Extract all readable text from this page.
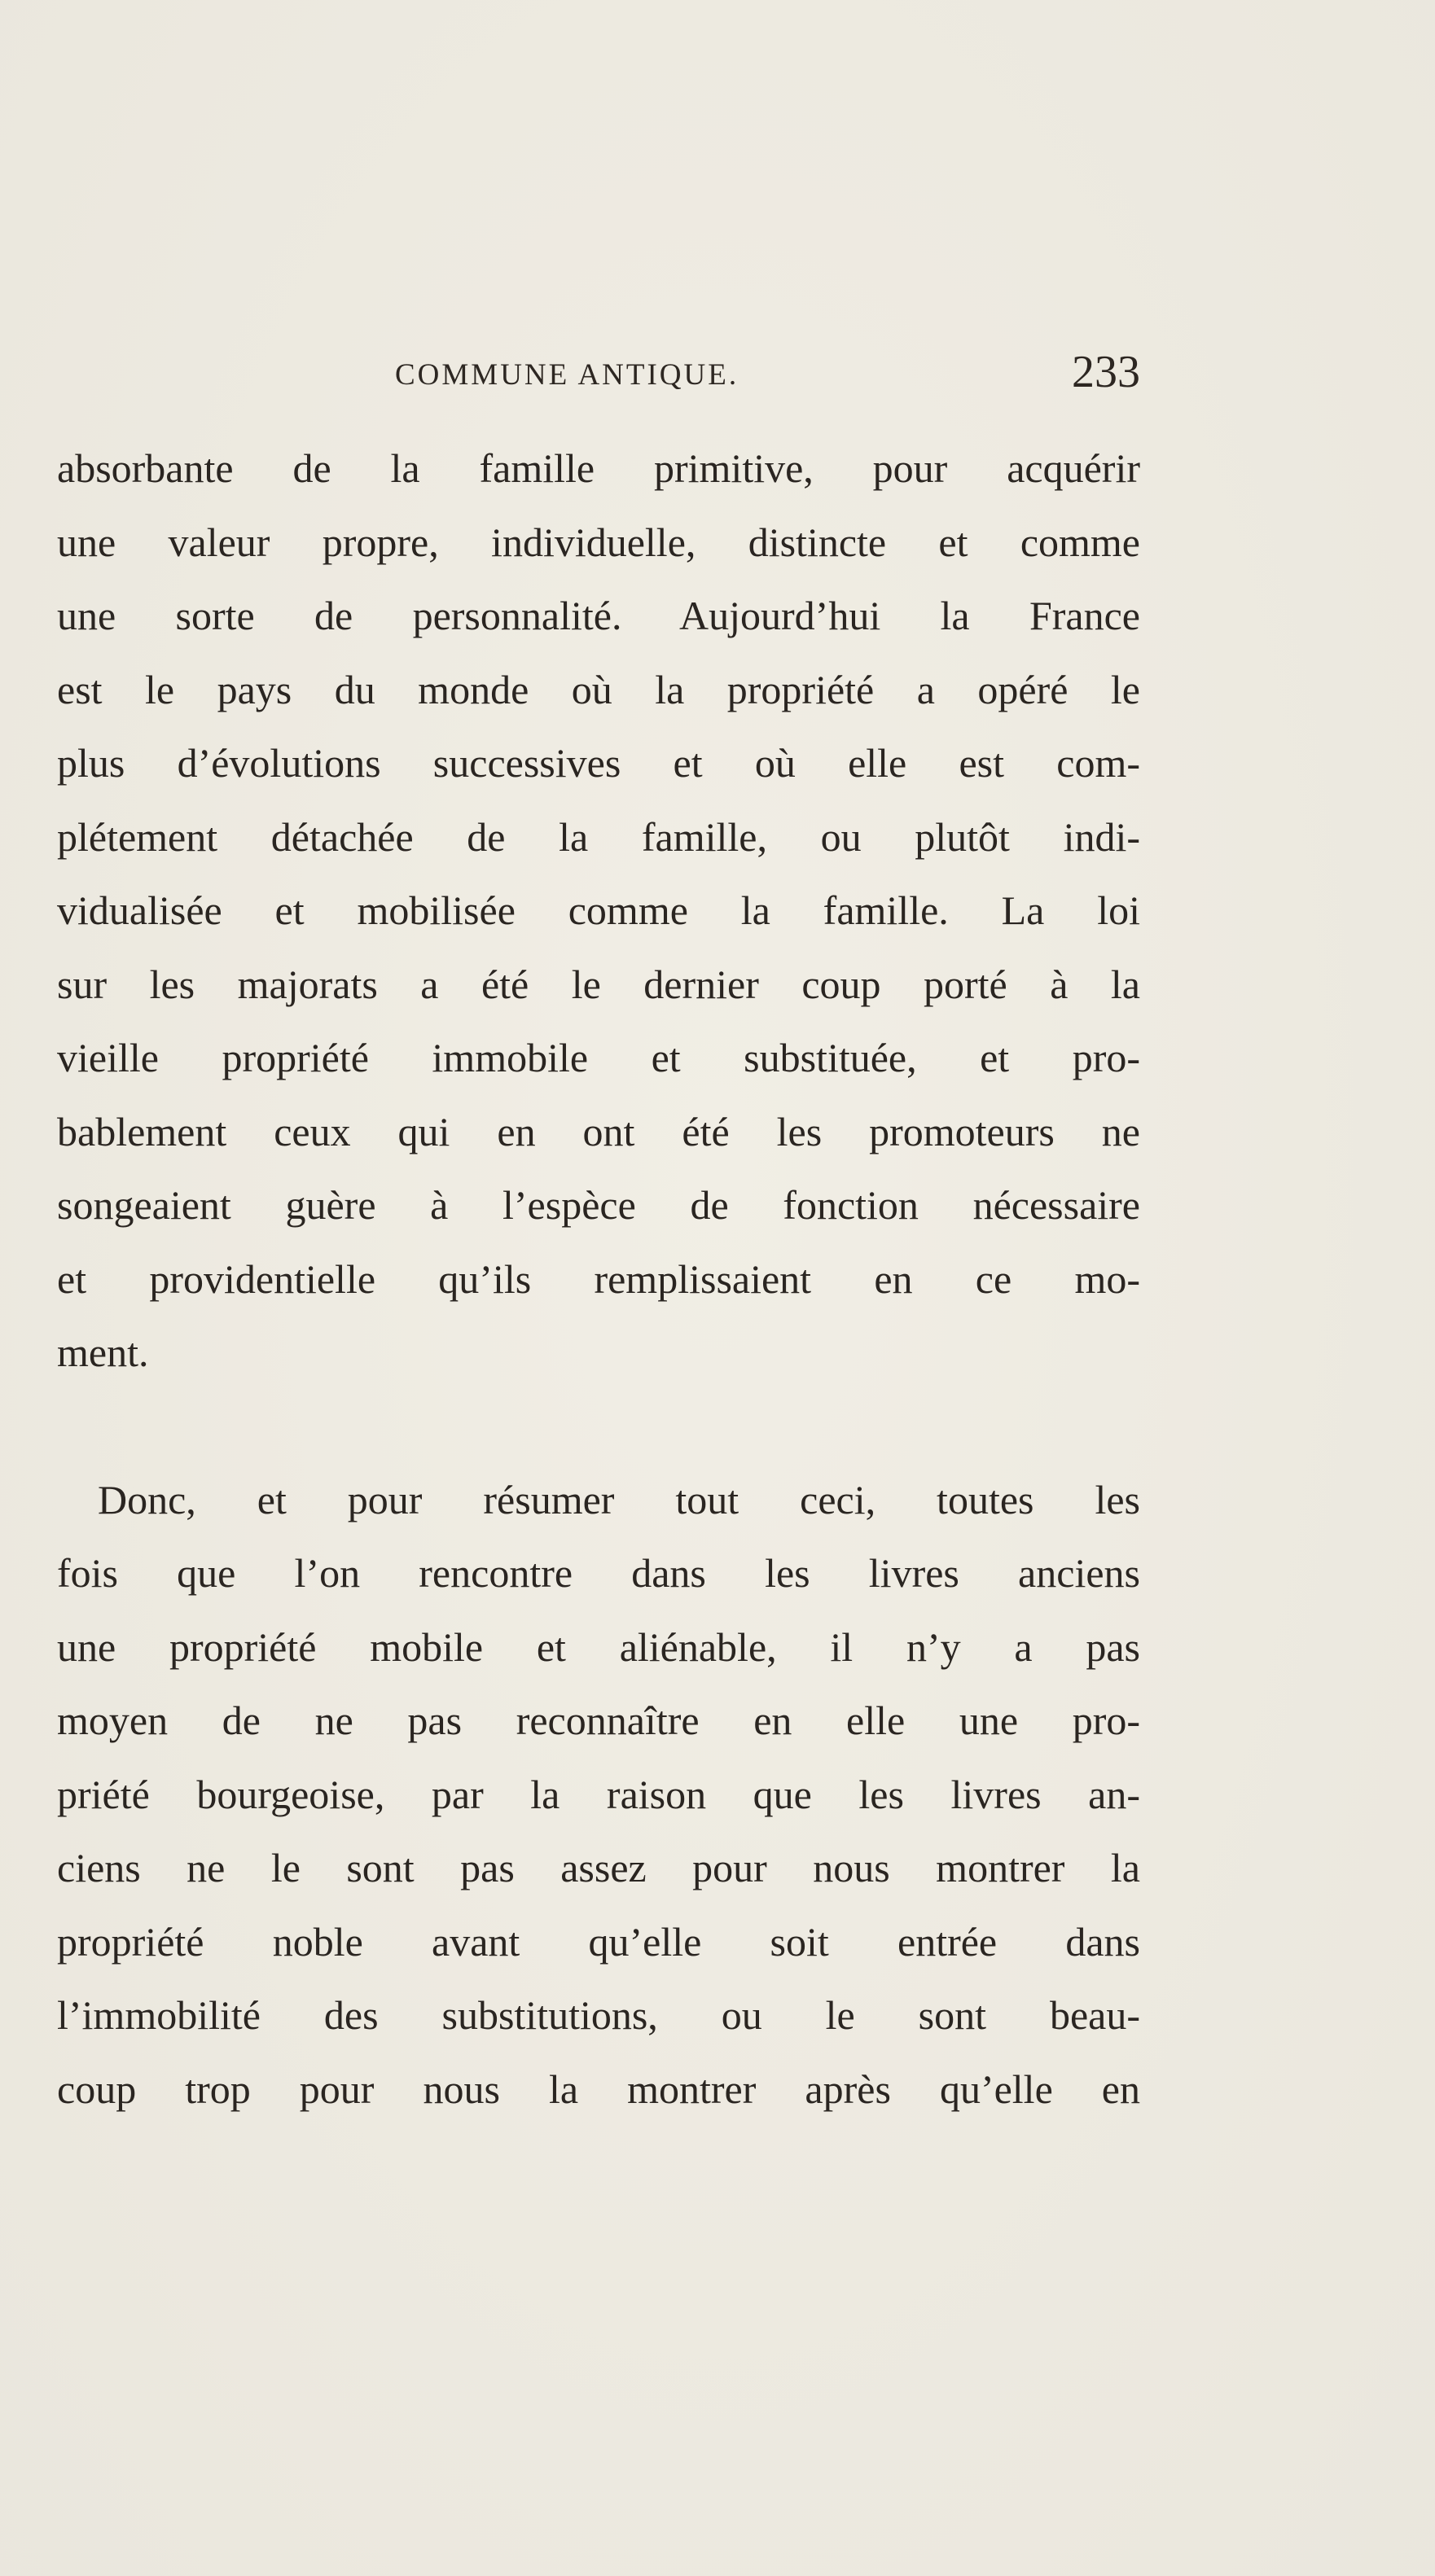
COMMUNE ANTIQUE.	233
absorbante de la famille primitive, pour acquérir
une valeur propre, individuelle, distincte et comme
une sorte de personnalité. Aujourd’hui la France
est le pays du monde où la propriété a opéré le
plus d’évolutions successives et où elle est com-
plétement détachée de la famille, ou plutôt indi-
vidualisée et mobilisée comme la famille. La loi
sur les majorats a été le dernier coup porté à la
vieille propriété immobile et substituée, et pro-
bablement ceux qui en ont été les promoteurs ne
songeaient guère à l’espèce de fonction nécessaire
et providentielle qu’ils remplissaient en ce mo-
ment.
Donc, et pour résumer tout ceci, toutes les
fois que l’on rencontre dans les livres anciens
une propriété mobile et aliénable, il n’y a pas
moyen de ne pas reconnaître en elle une pro-
priété bourgeoise, par la raison que les livres an-
ciens ne le sont pas assez pour nous montrer la
propriété noble avant qu’elle soit entrée dans
l’immobilité des substitutions, ou le sont beau-
coup trop pour nous la montrer après qu’elle en
